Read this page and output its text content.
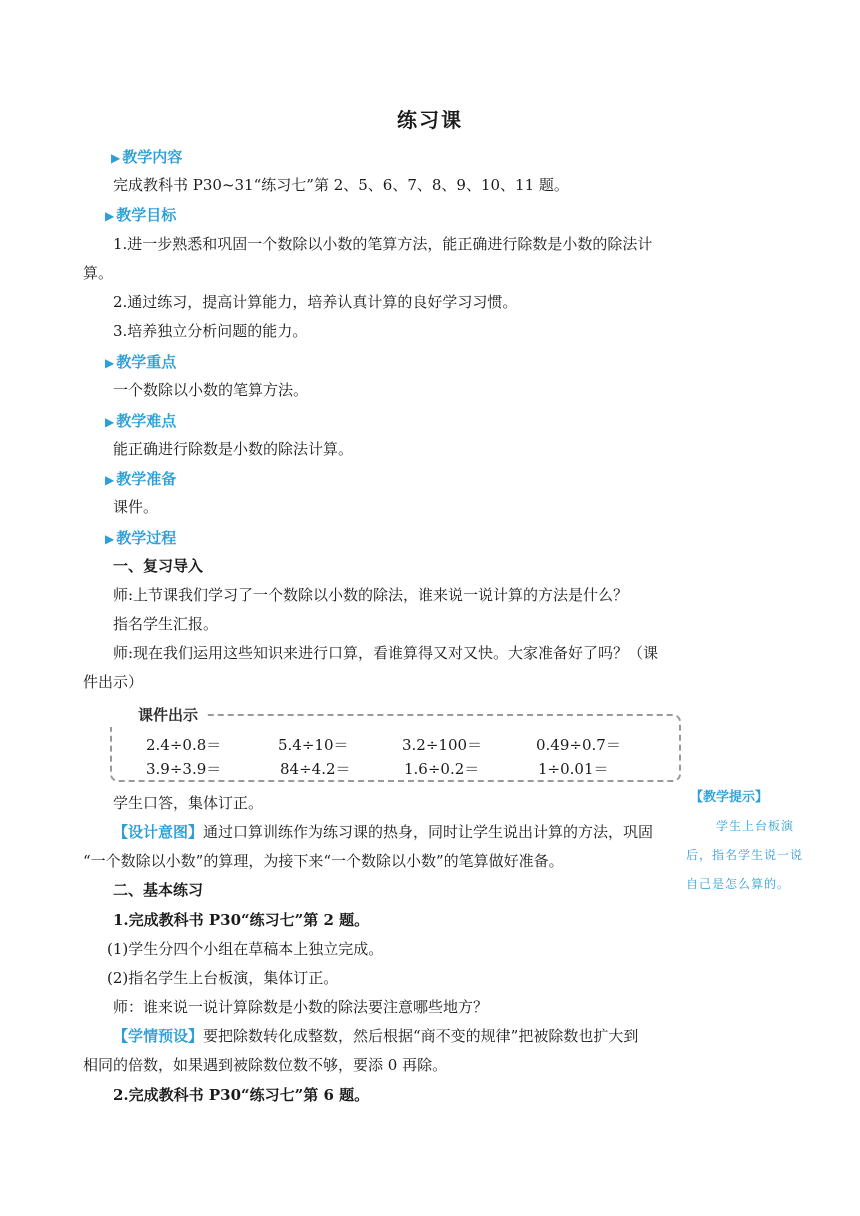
练习课
▶ 教学内容
完成教科书 P30~31“练习七”第 2、5、6、7、8、9、10、11 题。
▶ 教学目标
1.进一步熟悉和巩固一个数除以小数的笔算方法，能正确进行除数是小数的除法计
算。
2.通过练习，提高计算能力，培养认真计算的良好学习习惯。
3.培养独立分析问题的能力。
▶ 教学重点
一个数除以小数的笔算方法。
▶ 教学难点
能正确进行除数是小数的除法计算。
▶ 教学准备
课件。
▶ 教学过程
一、复习导入
师:上节课我们学习了一个数除以小数的除法，谁来说一说计算的方法是什么？
指名学生汇报。
师:现在我们运用这些知识来进行口算，看谁算得又对又快。大家准备好了吗？（课
件出示）
课件出示
2.4÷0.8＝	5.4÷10＝	3.2÷100＝	0.49÷0.7＝
3.9÷3.9＝	84÷4.2＝	1.6÷0.2＝	1÷0.01＝
学生口答，集体订正。
【设计意图】通过口算训练作为练习课的热身，同时让学生说出计算的方法，巩固
“一个数除以小数”的算理，为接下来“一个数除以小数”的笔算做好准备。
二、基本练习
1.完成教科书 P30“练习七”第 2 题。
(1)学生分四个小组在草稿本上独立完成。
(2)指名学生上台板演，集体订正。
师：谁来说一说计算除数是小数的除法要注意哪些地方？
【学情预设】要把除数转化成整数，然后根据“商不变的规律”把被除数也扩大到
相同的倍数，如果遇到被除数位数不够，要添 0 再除。
2.完成教科书 P30“练习七”第 6 题。
【教学提示】
学生上台板演
后，指名学生说一说
自己是怎么算的。
